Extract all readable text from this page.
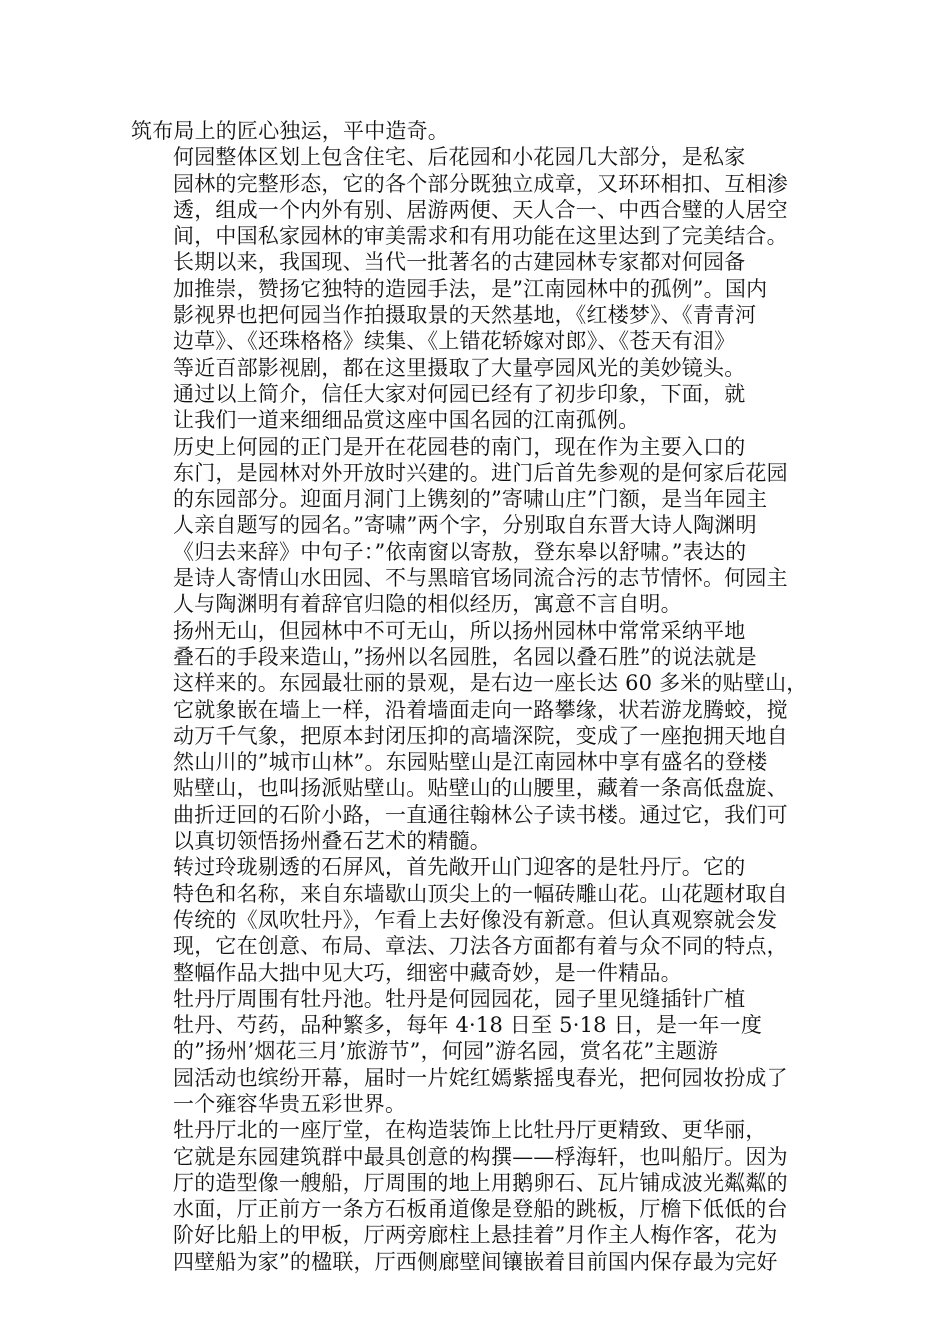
筑布局上的匠心独运，平中造奇。

何园整体区划上包含住宅、后花园和小花园几大部分，是私家
园林的完整形态，它的各个部分既独立成章，又环环相扣、互相渗
透，组成一个内外有别、居游两便、天人合一、中西合璧的人居空
间，中国私家园林的审美需求和有用功能在这里达到了完美结合。

长期以来，我国现、当代一批著名的古建园林专家都对何园备
加推崇，赞扬它独特的造园手法，是”江南园林中的孤例”。国内
影视界也把何园当作拍摄取景的天然基地，《红楼梦》、《青青河
边草》、《还珠格格》续集、《上错花轿嫁对郎》、《苍天有泪》
等近百部影视剧，都在这里摄取了大量亭园风光的美妙镜头。

通过以上简介，信任大家对何园已经有了初步印象，下面，就
让我们一道来细细品赏这座中国名园的江南孤例。

历史上何园的正门是开在花园巷的南门，现在作为主要入口的
东门，是园林对外开放时兴建的。进门后首先参观的是何家后花园
的东园部分。迎面月洞门上镌刻的”寄啸山庄”门额，是当年园主
人亲自题写的园名。”寄啸”两个字，分别取自东晋大诗人陶渊明
《归去来辞》中句子：”依南窗以寄敖，登东皋以舒啸。”表达的
是诗人寄情山水田园、不与黑暗官场同流合污的志节情怀。何园主
人与陶渊明有着辞官归隐的相似经历，寓意不言自明。

扬州无山，但园林中不可无山，所以扬州园林中常常采纳平地
叠石的手段来造山，”扬州以名园胜，名园以叠石胜”的说法就是
这样来的。东园最壮丽的景观，是右边一座长达 60 多米的贴壁山，
它就象嵌在墙上一样，沿着墙面走向一路攀缘，状若游龙腾蛟，搅
动万千气象，把原本封闭压抑的高墙深院，变成了一座抱拥天地自
然山川的”城市山林”。东园贴壁山是江南园林中享有盛名的登楼
贴壁山，也叫扬派贴壁山。贴壁山的山腰里，藏着一条高低盘旋、
曲折迂回的石阶小路，一直通往翰林公子读书楼。通过它，我们可
以真切领悟扬州叠石艺术的精髓。

转过玲珑剔透的石屏风，首先敞开山门迎客的是牡丹厅。它的
特色和名称，来自东墙歇山顶尖上的一幅砖雕山花。山花题材取自
传统的《凤吹牡丹》，乍看上去好像没有新意。但认真观察就会发
现，它在创意、布局、章法、刀法各方面都有着与众不同的特点，
整幅作品大拙中见大巧，细密中藏奇妙，是一件精品。

牡丹厅周围有牡丹池。牡丹是何园园花，园子里见缝插针广植
牡丹、芍药，品种繁多，每年 4·18 日至 5·18 日，是一年一度
的”扬州’烟花三月’旅游节”，何园”游名园，赏名花”主题游
园活动也缤纷开幕，届时一片姹红嫣紫摇曳春光，把何园妆扮成了
一个雍容华贵五彩世界。

牡丹厅北的一座厅堂，在构造装饰上比牡丹厅更精致、更华丽，
它就是东园建筑群中最具创意的构撰——桴海轩，也叫船厅。因为
厅的造型像一艘船，厅周围的地上用鹅卵石、瓦片铺成波光粼粼的
水面，厅正前方一条方石板甬道像是登船的跳板，厅檐下低低的台
阶好比船上的甲板，厅两旁廊柱上悬挂着”月作主人梅作客，花为
四壁船为家”的楹联，厅西侧廊壁间镶嵌着目前国内保存最为完好
